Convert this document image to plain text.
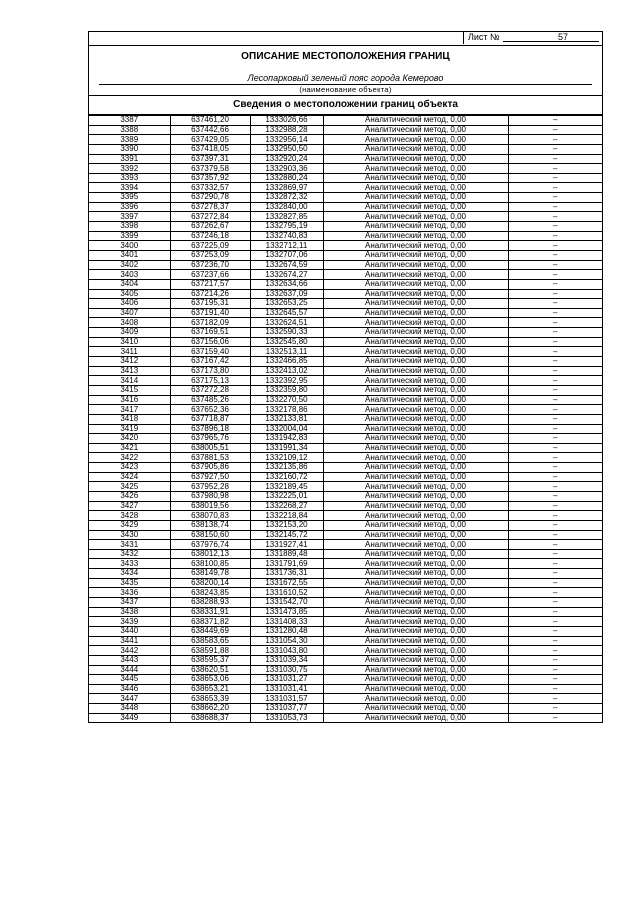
Лист №	57
ОПИСАНИЕ МЕСТОПОЛОЖЕНИЯ ГРАНИЦ
Лесопарковый зеленый пояс города Кемерово
(наименование объекта)
Сведения о местоположении границ объекта
3387	637461,20	1333026,66	Аналитический метод, 0,00	–
3388	637442,66	1332988,28	Аналитический метод, 0,00	–
3389	637429,05	1332956,14	Аналитический метод, 0,00	–
3390	637418,05	1332950,50	Аналитический метод, 0,00	–
3391	637397,31	1332920,24	Аналитический метод, 0,00	–
3392	637379,58	1332903,36	Аналитический метод, 0,00	–
3393	637357,92	1332880,24	Аналитический метод, 0,00	–
3394	637332,57	1332869,97	Аналитический метод, 0,00	–
3395	637290,78	1332872,32	Аналитический метод, 0,00	–
3396	637278,37	1332840,00	Аналитический метод, 0,00	–
3397	637272,84	1332827,85	Аналитический метод, 0,00	–
3398	637262,67	1332795,19	Аналитический метод, 0,00	–
3399	637246,18	1332740,83	Аналитический метод, 0,00	–
3400	637225,09	1332712,11	Аналитический метод, 0,00	–
3401	637253,09	1332707,06	Аналитический метод, 0,00	–
3402	637236,70	1332674,59	Аналитический метод, 0,00	–
3403	637237,66	1332674,27	Аналитический метод, 0,00	–
3404	637217,57	1332634,66	Аналитический метод, 0,00	–
3405	637214,26	1332637,09	Аналитический метод, 0,00	–
3406	637195,31	1332653,25	Аналитический метод, 0,00	–
3407	637191,40	1332645,57	Аналитический метод, 0,00	–
3408	637182,09	1332624,51	Аналитический метод, 0,00	–
3409	637169,51	1332590,33	Аналитический метод, 0,00	–
3410	637156,06	1332545,80	Аналитический метод, 0,00	–
3411	637159,40	1332513,11	Аналитический метод, 0,00	–
3412	637167,42	1332466,85	Аналитический метод, 0,00	–
3413	637173,80	1332413,02	Аналитический метод, 0,00	–
3414	637175,13	1332392,95	Аналитический метод, 0,00	–
3415	637272,28	1332359,80	Аналитический метод, 0,00	–
3416	637485,26	1332270,50	Аналитический метод, 0,00	–
3417	637652,36	1332178,86	Аналитический метод, 0,00	–
3418	637718,87	1332133,81	Аналитический метод, 0,00	–
3419	637896,18	1332004,04	Аналитический метод, 0,00	–
3420	637965,76	1331942,83	Аналитический метод, 0,00	–
3421	638005,51	1331991,34	Аналитический метод, 0,00	–
3422	637881,53	1332109,12	Аналитический метод, 0,00	–
3423	637905,86	1332135,86	Аналитический метод, 0,00	–
3424	637927,50	1332160,72	Аналитический метод, 0,00	–
3425	637952,28	1332189,45	Аналитический метод, 0,00	–
3426	637980,98	1332225,01	Аналитический метод, 0,00	–
3427	638019,56	1332268,27	Аналитический метод, 0,00	–
3428	638070,83	1332218,84	Аналитический метод, 0,00	–
3429	638138,74	1332153,20	Аналитический метод, 0,00	–
3430	638150,60	1332145,72	Аналитический метод, 0,00	–
3431	637976,74	1331927,41	Аналитический метод, 0,00	–
3432	638012,13	1331889,48	Аналитический метод, 0,00	–
3433	638100,85	1331791,69	Аналитический метод, 0,00	–
3434	638149,78	1331736,31	Аналитический метод, 0,00	–
3435	638200,14	1331672,55	Аналитический метод, 0,00	–
3436	638243,85	1331610,52	Аналитический метод, 0,00	–
3437	638288,93	1331542,70	Аналитический метод, 0,00	–
3438	638331,91	1331473,85	Аналитический метод, 0,00	–
3439	638371,82	1331408,33	Аналитический метод, 0,00	–
3440	638449,69	1331280,48	Аналитический метод, 0,00	–
3441	638583,65	1331054,30	Аналитический метод, 0,00	–
3442	638591,88	1331043,80	Аналитический метод, 0,00	–
3443	638595,37	1331039,34	Аналитический метод, 0,00	–
3444	638620,51	1331030,75	Аналитический метод, 0,00	–
3445	638653,06	1331031,27	Аналитический метод, 0,00	–
3446	638653,21	1331031,41	Аналитический метод, 0,00	–
3447	638653,39	1331031,57	Аналитический метод, 0,00	–
3448	638662,20	1331037,77	Аналитический метод, 0,00	–
3449	638688,37	1331053,73	Аналитический метод, 0,00	–
